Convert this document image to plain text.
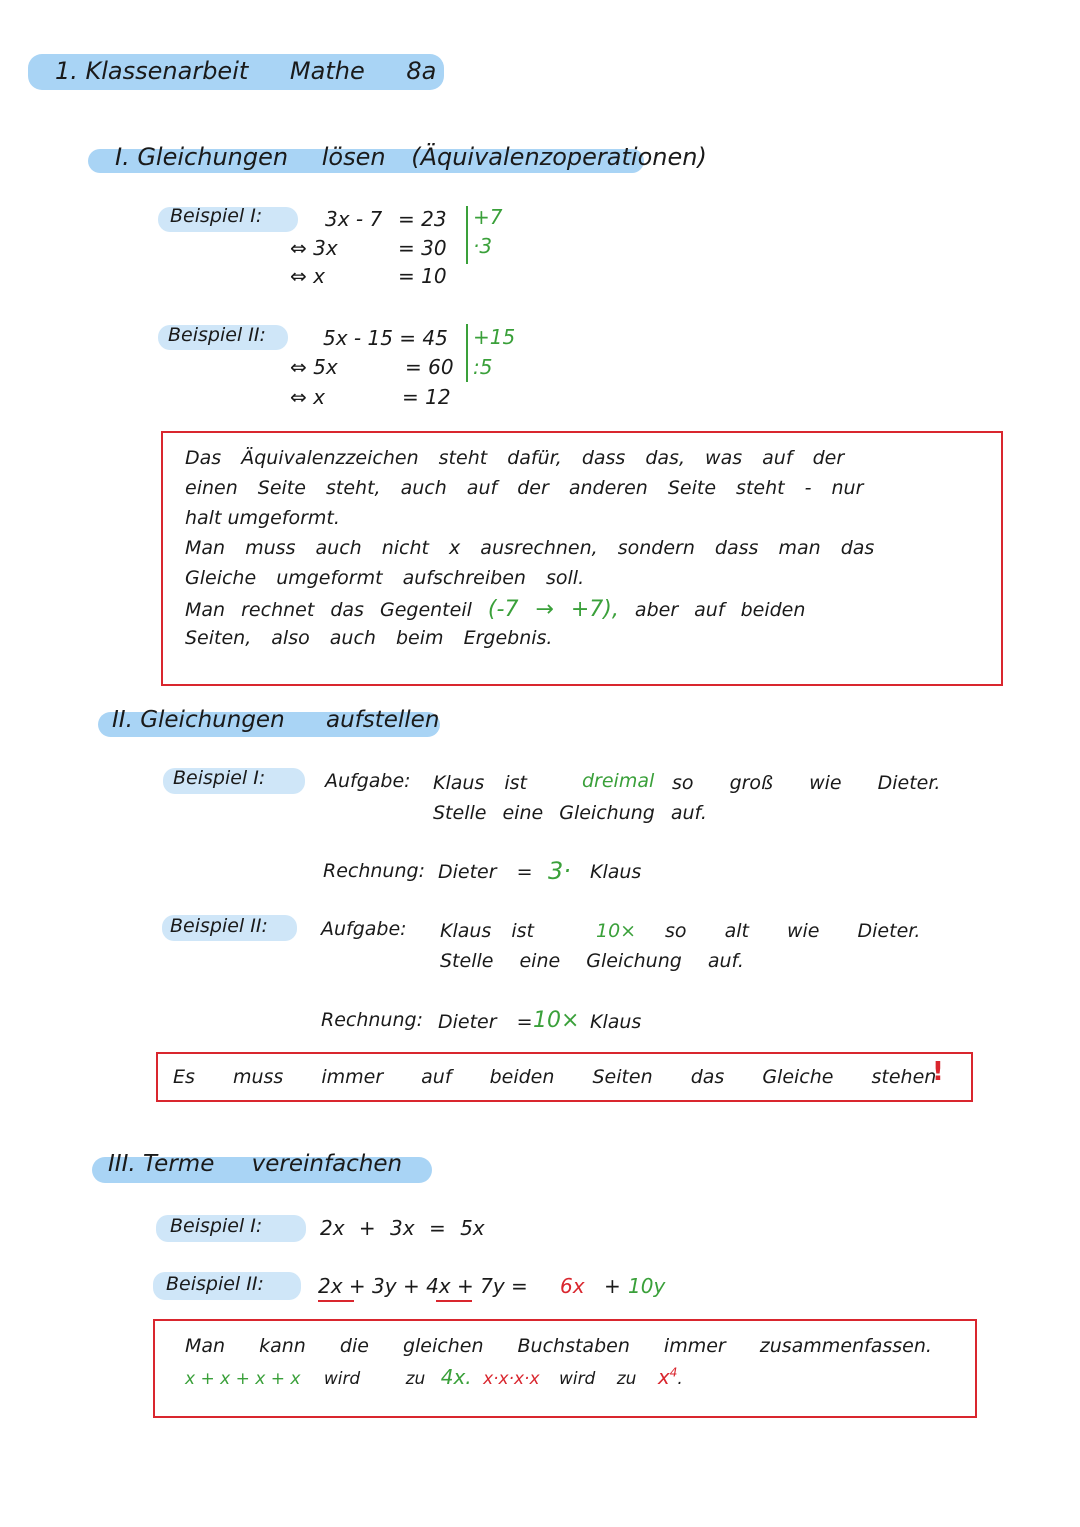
1. Klassenarbeit Mathe 8a
I. Gleichungen lösen (Äquivalenzoperationen)
Beispiel I:	3x - 7 = 23 +7
⇔ 3x	= 30 ·3
⇔ x	= 10
Beispiel II:	5x - 15 = 45 +15
⇔ 5x	= 60 :5
⇔ x	= 12
Das Äquivalenzzeichen steht dafür, dass das, was auf der
einen Seite steht, auch auf der anderen Seite steht - nur
halt umgeformt.
Man muss auch nicht x ausrechnen, sondern dass man das
Gleiche umgeformt aufschreiben soll.
Man rechnet das Gegenteil (-7 → +7), aber auf beiden
Seiten, also auch beim Ergebnis.
II. Gleichungen aufstellen
Beispiel I:	Aufgabe: Klaus ist	dreimal so groß wie Dieter.
Stelle eine Gleichung auf.
Rechnung: Dieter = 3· Klaus
Beispiel II:	Aufgabe: Klaus ist	10× so alt wie Dieter.
Stelle eine Gleichung auf.
Rechnung: Dieter = 10× Klaus
Es muss immer auf beiden Seiten das Gleiche stehen
!
III. Terme vereinfachen
Beispiel I:	2x + 3x = 5x
Beispiel II:	2x + 3y + 4x + 7y = 6x + 10y
Man kann die gleichen Buchstaben immer zusammenfassen.
x + x + x + x wird zu 4x. x·x·x·x wird zu $x^4$.
